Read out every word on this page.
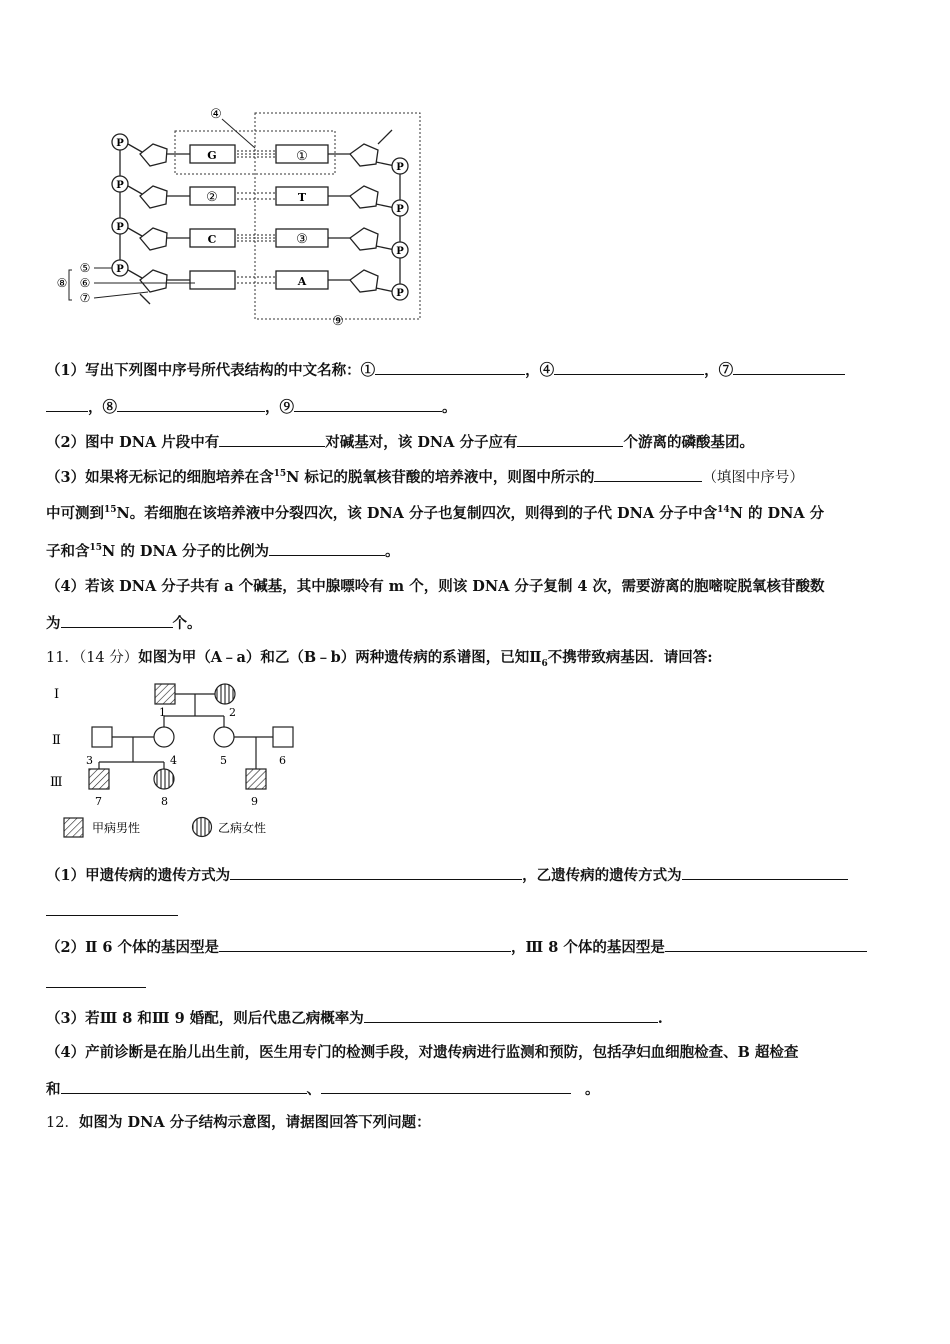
P
P
P
P
P
P
P
P
G
②
C
①
T
③
A
④
⑤
⑥
⑦
⑧
⑨
（1）写出下列图中序号所代表结构的中文名称：①	，④	，⑦
，⑧	，⑨	。
（2）图中 DNA 片段中有	对碱基对，该 DNA 分子应有	个游离的磷酸基团。
（3）如果将无标记的细胞培养在含$^{15}$N 标记的脱氧核苷酸的培养液中，则图中所示的	（填图中序号）
中可测到$^{15}$N。若细胞在该培养液中分裂四次，该 DNA 分子也复制四次，则得到的子代 DNA 分子中含$^{14}$N 的 DNA 分
子和含$^{15}$N 的 DNA 分子的比例为	。
（4）若该 DNA 分子共有 a 个碱基，其中腺嘌呤有 m 个，则该 DNA 分子复制 4 次，需要游离的胞嘧啶脱氧核苷酸数
为	个。
11．（14 分）如图为甲（A﹣a）和乙（B﹣b）两种遗传病的系谱图，已知$Ⅱ_6$不携带致病基因．请回答:
Ⅰ
Ⅱ
Ⅲ
1	2
3	4	5	6
7	8	9
甲病男性	乙病女性
（1）甲遗传病的遗传方式为	，乙遗传病的遗传方式为
（2）Ⅱ 6 个体的基因型是	，Ⅲ 8 个体的基因型是
（3）若Ⅲ 8 和Ⅲ 9 婚配，则后代患乙病概率为	.
（4）产前诊断是在胎儿出生前，医生用专门的检测手段，对遗传病进行监测和预防，包括孕妇血细胞检查、B 超检查
和	、	。
12．如图为 DNA 分子结构示意图，请据图回答下列问题：
